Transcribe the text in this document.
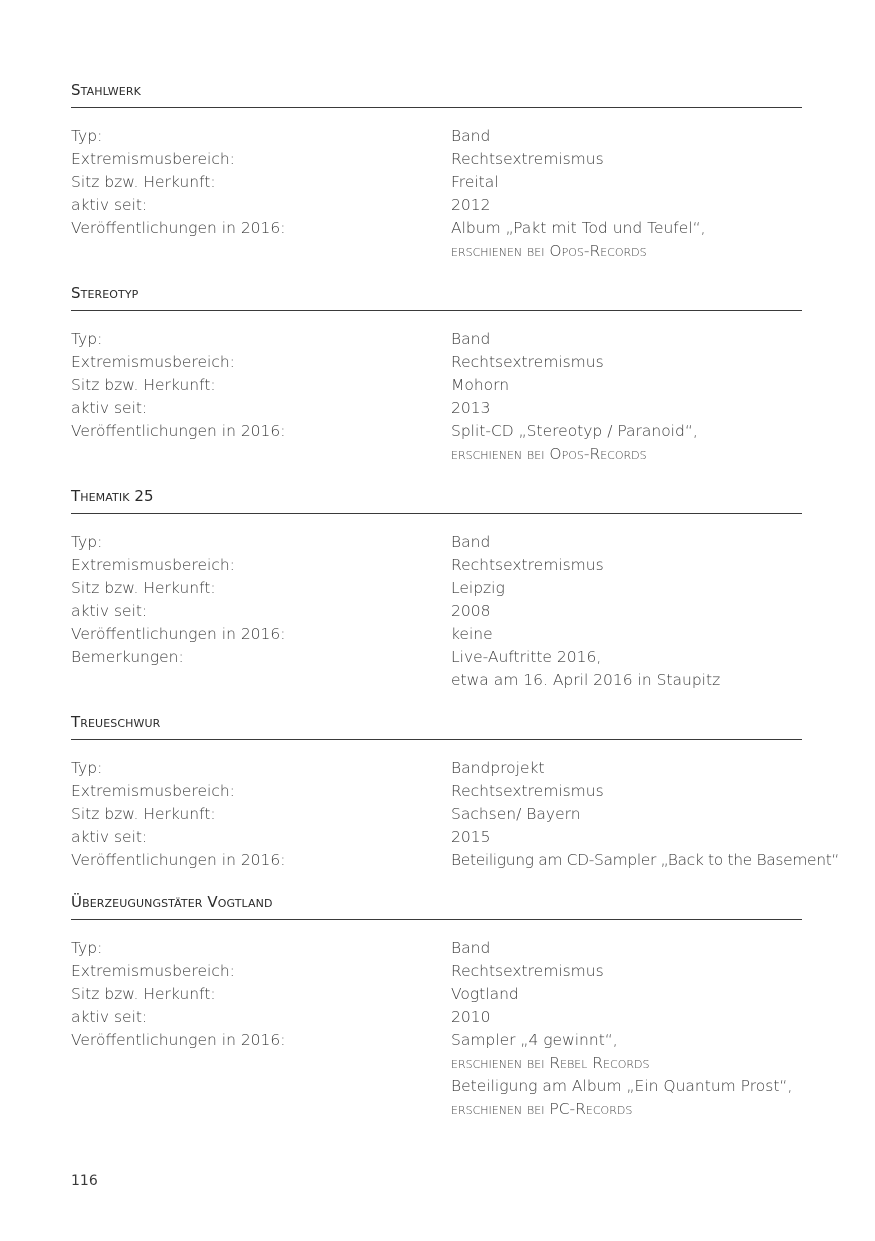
Stahlwerk
Typ:	Band
Extremismusbereich:	Rechtsextremismus
Sitz bzw. Herkunft:	Freital
aktiv seit:	2012
Veröffentlichungen in 2016:	Album „Pakt mit Tod und Teufel“,
erschienen bei Opos-Records
Stereotyp
Typ:	Band
Extremismusbereich:	Rechtsextremismus
Sitz bzw. Herkunft:	Mohorn
aktiv seit:	2013
Veröffentlichungen in 2016:	Split-CD „Stereotyp / Paranoid“,
erschienen bei Opos-Records
Thematik 25
Typ:	Band
Extremismusbereich:	Rechtsextremismus
Sitz bzw. Herkunft:	Leipzig
aktiv seit:	2008
Veröffentlichungen in 2016:	keine
Bemerkungen:	Live-Auftritte 2016,
etwa am 16. April 2016 in Staupitz
Treueschwur
Typ:	Bandprojekt
Extremismusbereich:	Rechtsextremismus
Sitz bzw. Herkunft:	Sachsen/ Bayern
aktiv seit:	2015
Veröffentlichungen in 2016:	Beteiligung am CD-Sampler „Back to the Basement“
Überzeugungstäter Vogtland
Typ:	Band
Extremismusbereich:	Rechtsextremismus
Sitz bzw. Herkunft:	Vogtland
aktiv seit:	2010
Veröffentlichungen in 2016:	Sampler „4 gewinnt“,
erschienen bei Rebel Records
Beteiligung am Album „Ein Quantum Prost“,
erschienen bei PC-Records
116
